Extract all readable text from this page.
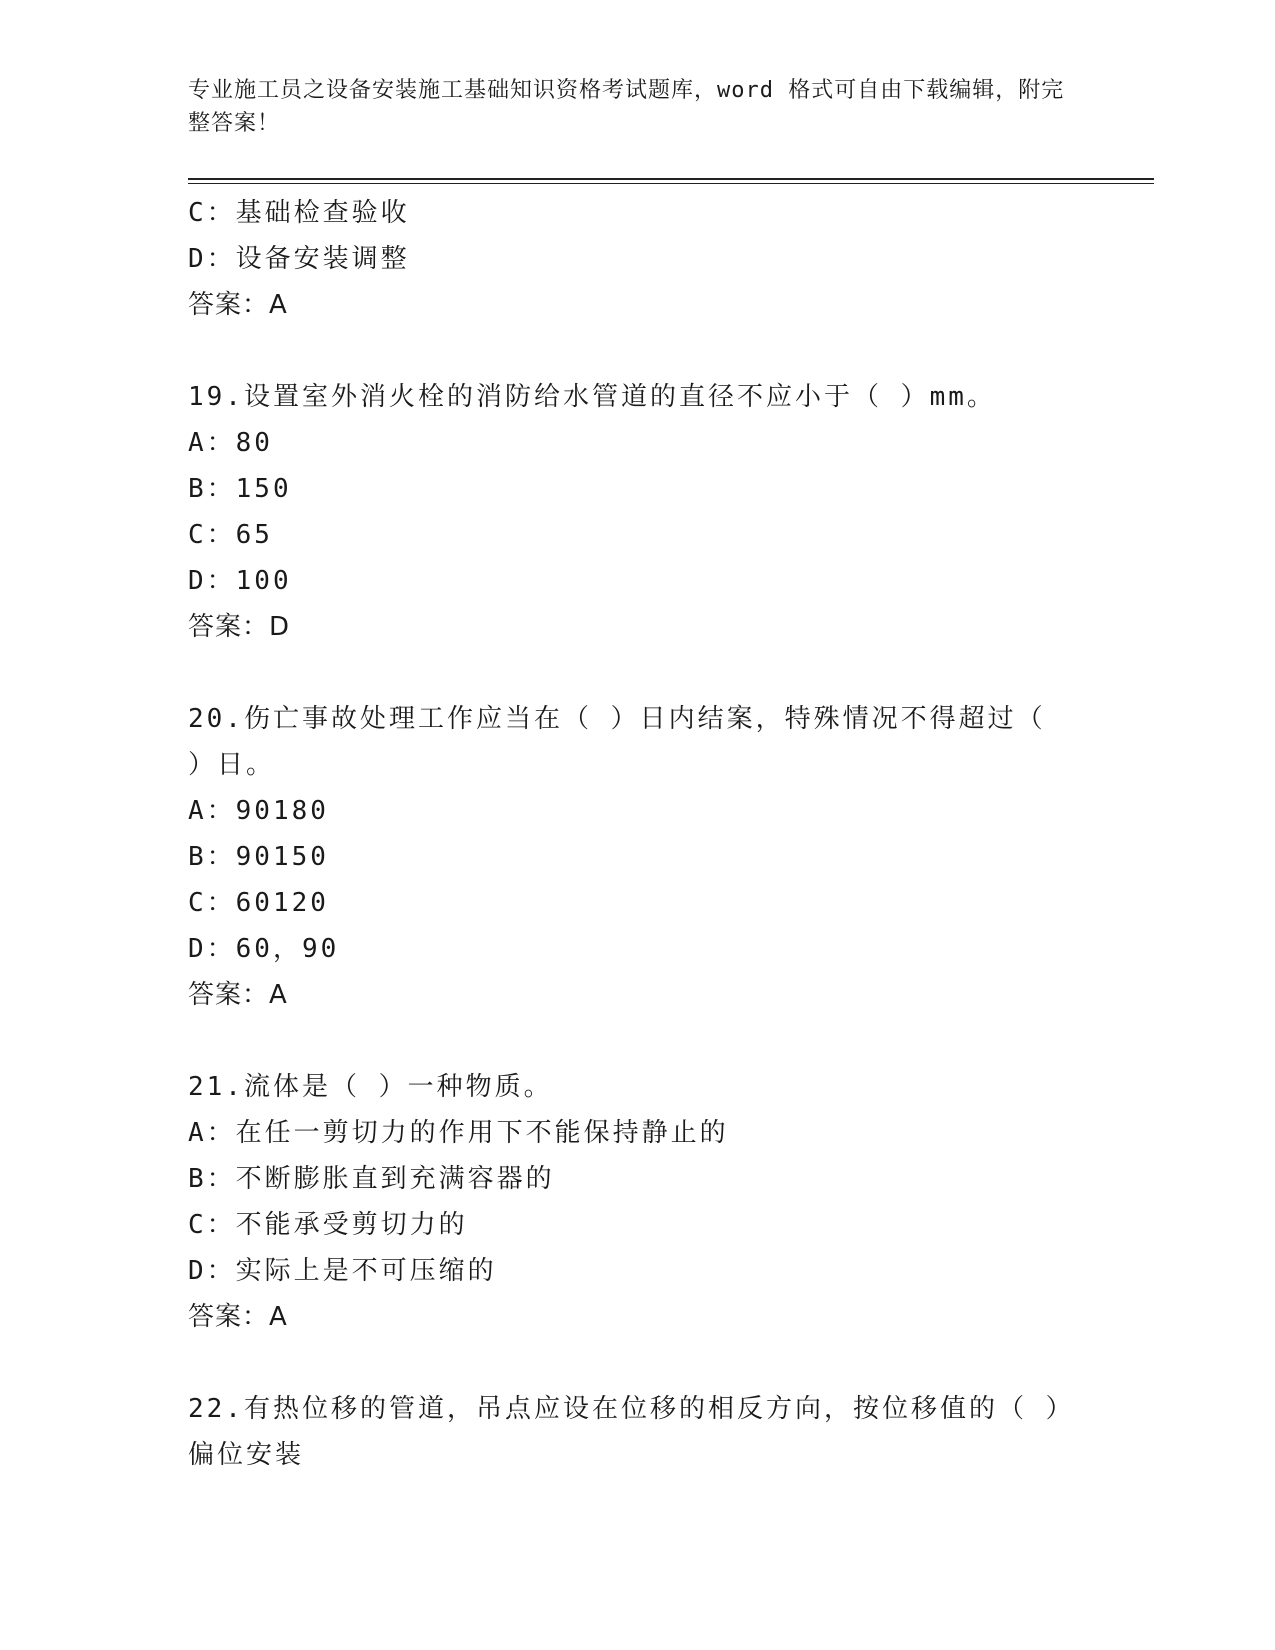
专业施工员之设备安装施工基础知识资格考试题库，word 格式可自由下载编辑，附完整答案！
C：基础检查验收
D：设备安装调整
答案：A
19.设置室外消火栓的消防给水管道的直径不应小于（ ）mm。
A：80
B：150
C：65
D：100
答案：D
20.伤亡事故处理工作应当在（ ）日内结案，特殊情况不得超过（ ）日。
A：90180
B：90150
C：60120
D：60，90
答案：A
21.流体是（ ）一种物质。
A：在任一剪切力的作用下不能保持静止的
B：不断膨胀直到充满容器的
C：不能承受剪切力的
D：实际上是不可压缩的
答案：A
22.有热位移的管道，吊点应设在位移的相反方向，按位移值的（ ）偏位安装
